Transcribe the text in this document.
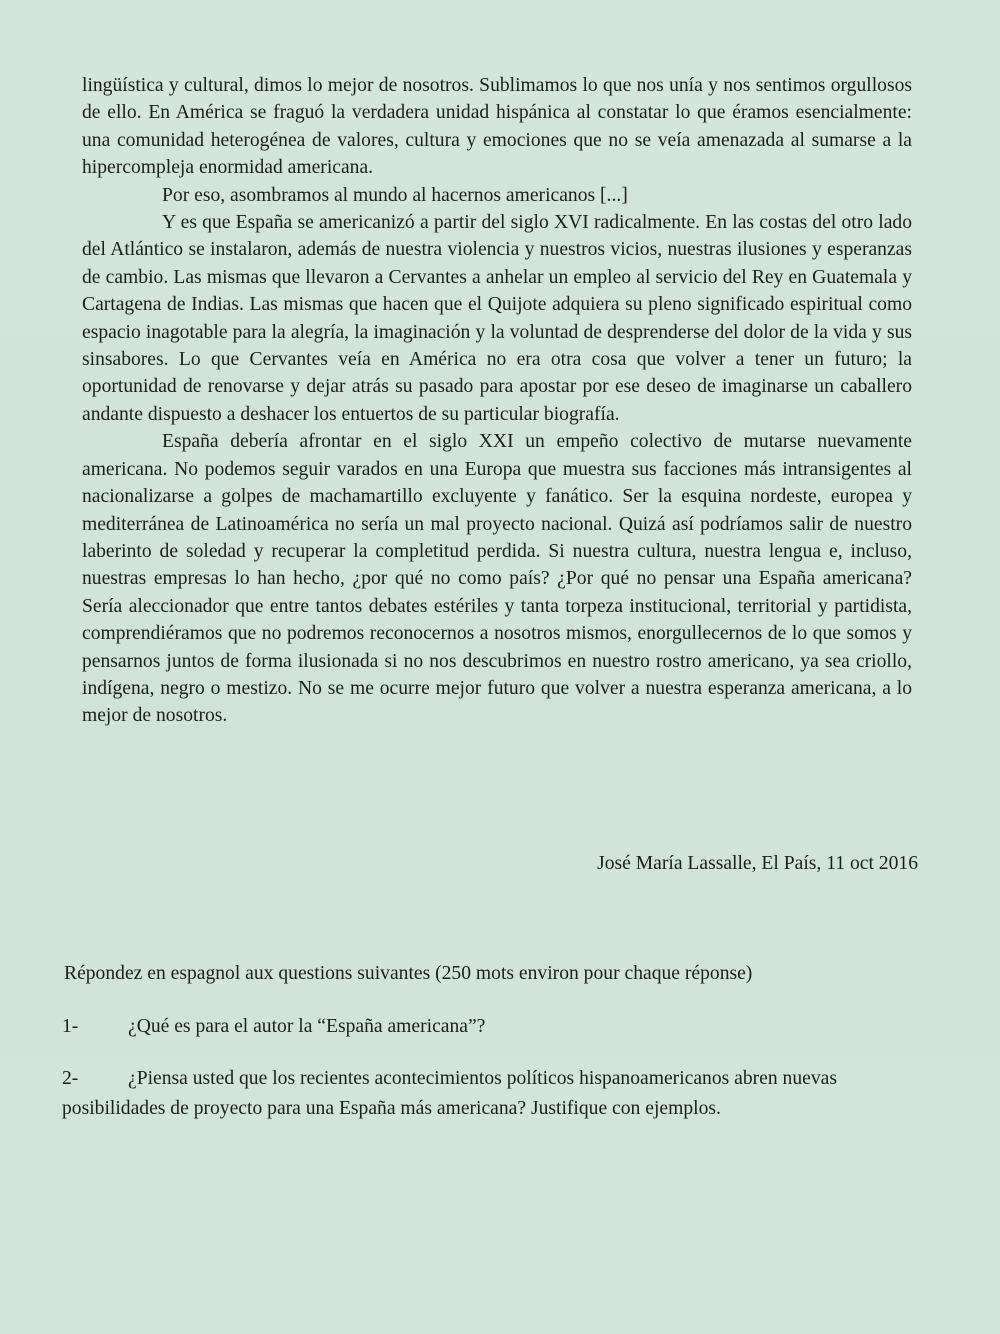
lingüística y cultural, dimos lo mejor de nosotros. Sublimamos lo que nos unía y nos sentimos orgullosos de ello. En América se fraguó la verdadera unidad hispánica al constatar lo que éramos esencialmente: una comunidad heterogénea de valores, cultura y emociones que no se veía amenazada al sumarse a la hipercompleja enormidad americana.

Por eso, asombramos al mundo al hacernos americanos [...]

Y es que España se americanizó a partir del siglo XVI radicalmente. En las costas del otro lado del Atlántico se instalaron, además de nuestra violencia y nuestros vicios, nuestras ilusiones y esperanzas de cambio. Las mismas que llevaron a Cervantes a anhelar un empleo al servicio del Rey en Guatemala y Cartagena de Indias. Las mismas que hacen que el Quijote adquiera su pleno significado espiritual como espacio inagotable para la alegría, la imaginación y la voluntad de desprenderse del dolor de la vida y sus sinsabores. Lo que Cervantes veía en América no era otra cosa que volver a tener un futuro; la oportunidad de renovarse y dejar atrás su pasado para apostar por ese deseo de imaginarse un caballero andante dispuesto a deshacer los entuertos de su particular biografía.

España debería afrontar en el siglo XXI un empeño colectivo de mutarse nuevamente americana. No podemos seguir varados en una Europa que muestra sus facciones más intransigentes al nacionalizarse a golpes de machamartillo excluyente y fanático. Ser la esquina nordeste, europea y mediterránea de Latinoamérica no sería un mal proyecto nacional. Quizá así podríamos salir de nuestro laberinto de soledad y recuperar la completitud perdida. Si nuestra cultura, nuestra lengua e, incluso, nuestras empresas lo han hecho, ¿por qué no como país? ¿Por qué no pensar una España americana? Sería aleccionador que entre tantos debates estériles y tanta torpeza institucional, territorial y partidista, comprendiéramos que no podremos reconocernos a nosotros mismos, enorgullecernos de lo que somos y pensarnos juntos de forma ilusionada si no nos descubrimos en nuestro rostro americano, ya sea criollo, indígena, negro o mestizo. No se me ocurre mejor futuro que volver a nuestra esperanza americana, a lo mejor de nosotros.

José María Lassalle, El País, 11 oct 2016
Répondez en espagnol aux questions suivantes (250 mots environ pour chaque réponse)
1-	¿Qué es para el autor la “España americana”?
2-	¿Piensa usted que los recientes acontecimientos políticos hispanoamericanos abren nuevas posibilidades de proyecto para una España más americana? Justifique con ejemplos.
